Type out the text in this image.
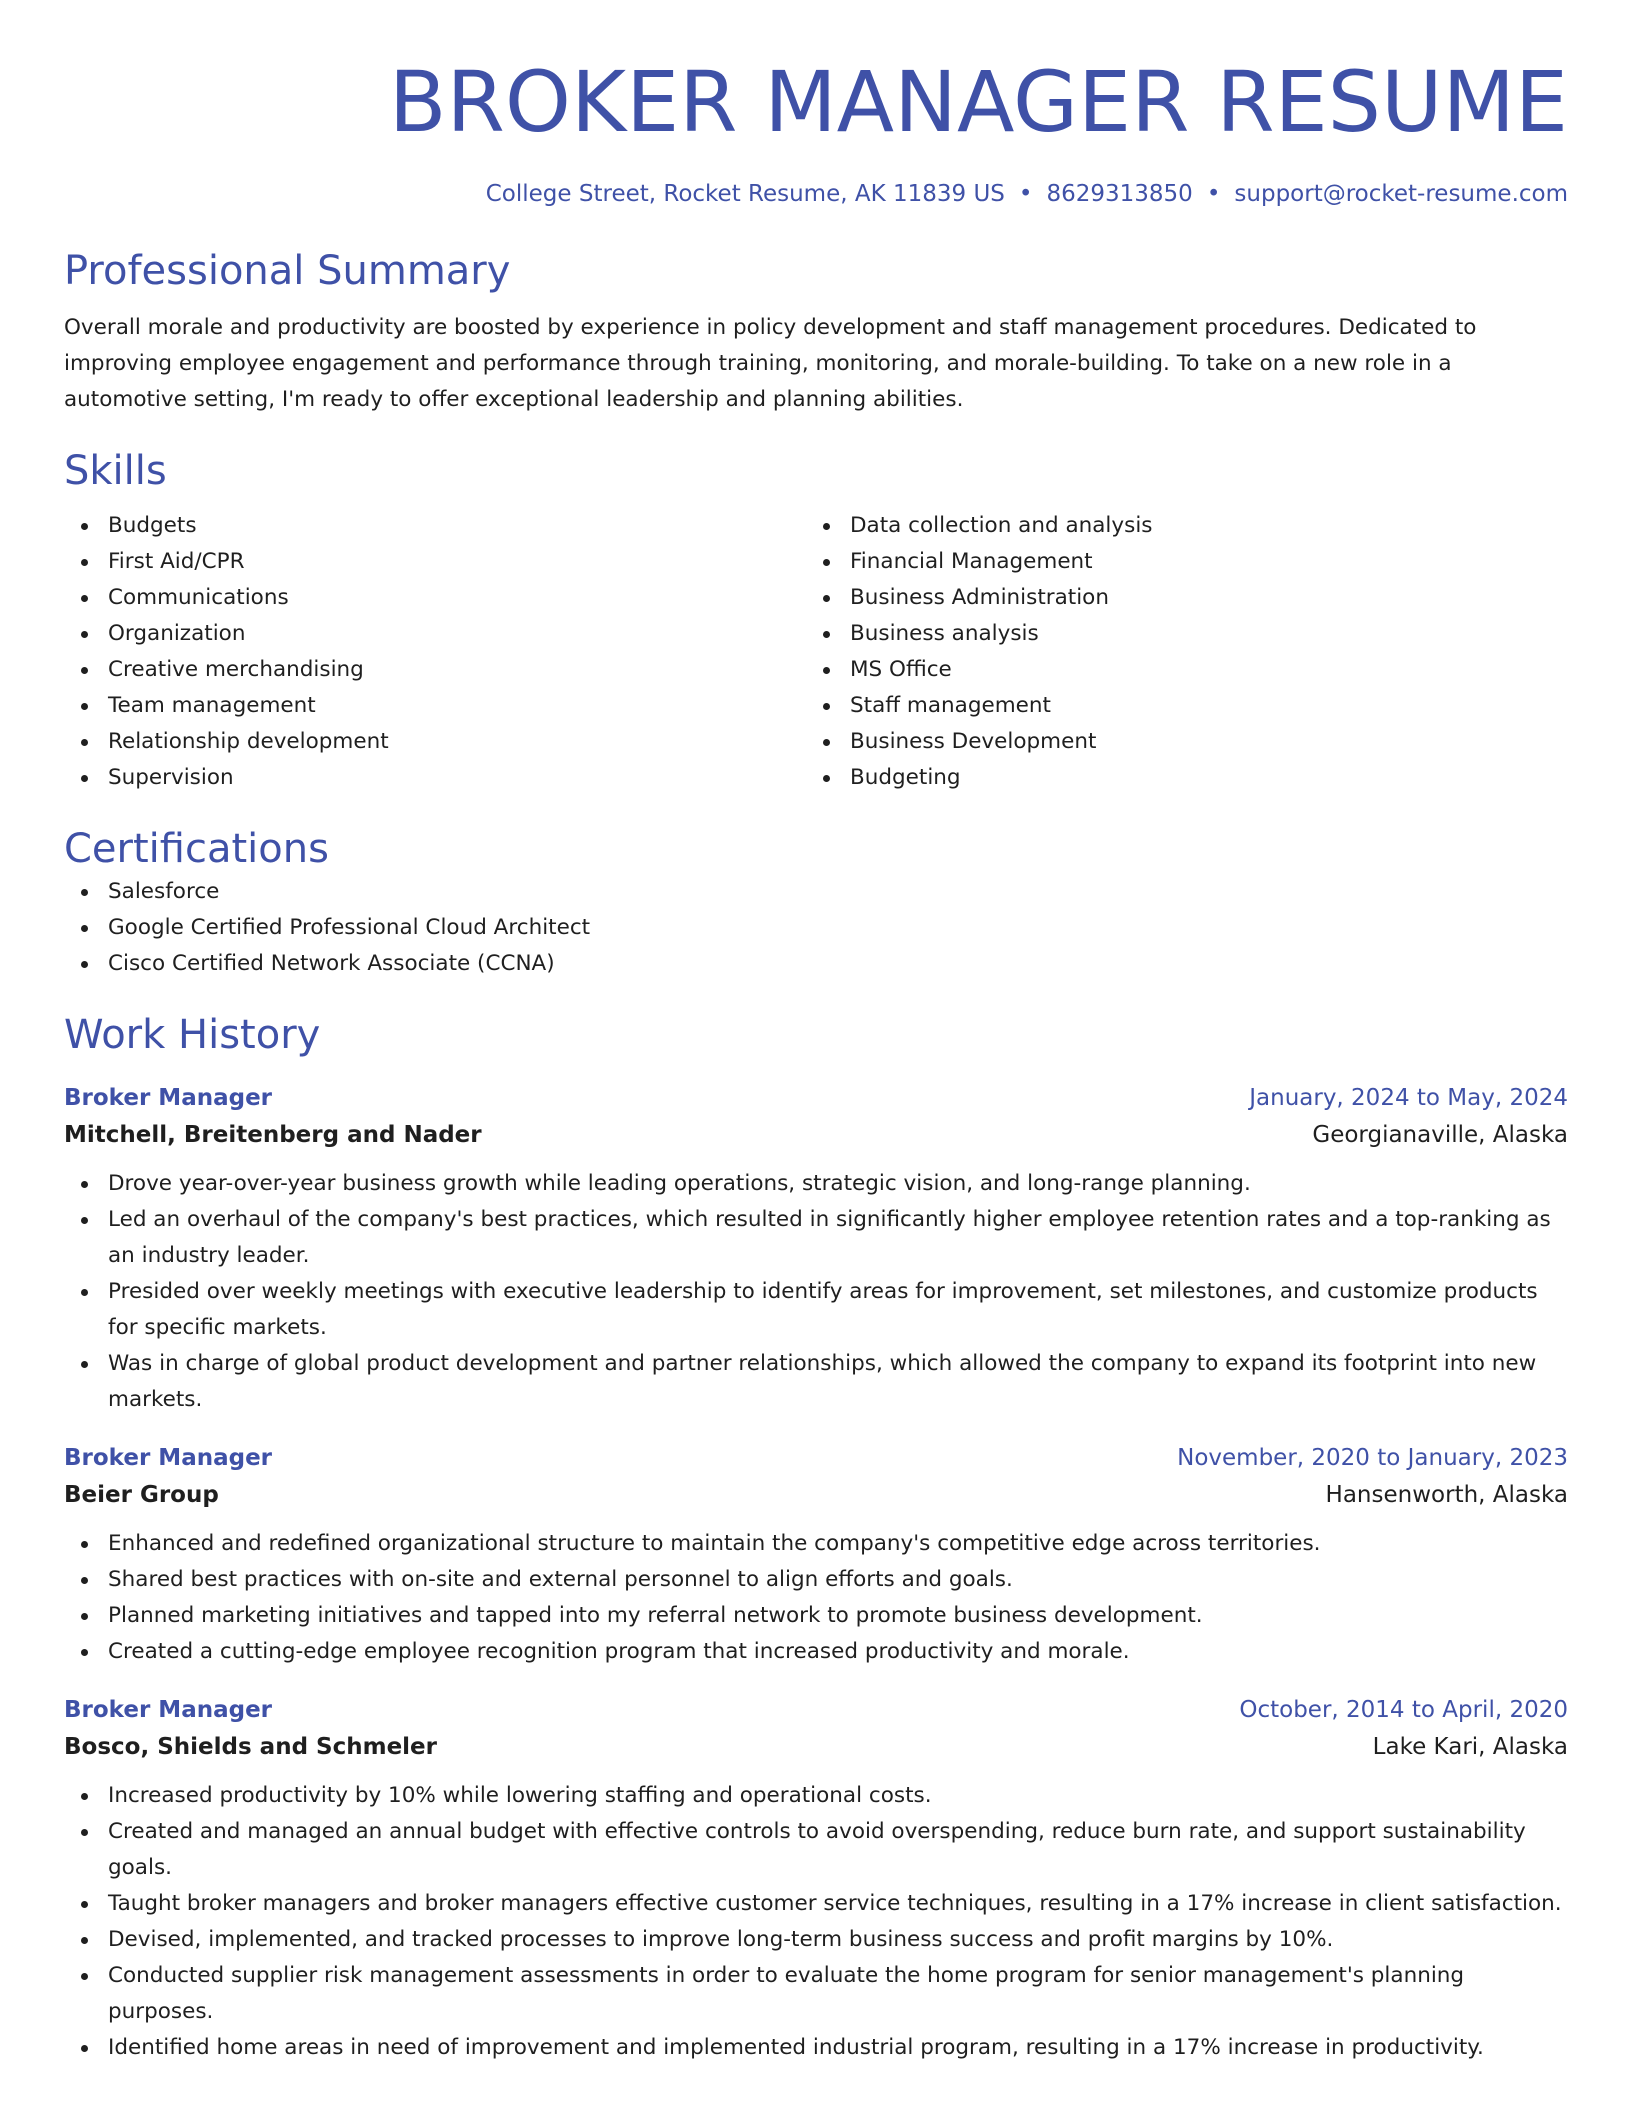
BROKER MANAGER RESUME
College Street, Rocket Resume, AK 11839 US • 8629313850 • support@rocket-resume.com
Professional Summary
Overall morale and productivity are boosted by experience in policy development and staff management procedures. Dedicated to improving employee engagement and performance through training, monitoring, and morale-building. To take on a new role in a automotive setting, I'm ready to offer exceptional leadership and planning abilities.
Skills
Budgets
First Aid/CPR
Communications
Organization
Creative merchandising
Team management
Relationship development
Supervision
Data collection and analysis
Financial Management
Business Administration
Business analysis
MS Office
Staff management
Business Development
Budgeting
Certifications
Salesforce
Google Certified Professional Cloud Architect
Cisco Certified Network Associate (CCNA)
Work History
Broker Manager	January, 2024 to May, 2024
Mitchell, Breitenberg and Nader	Georgianaville, Alaska
Drove year-over-year business growth while leading operations, strategic vision, and long-range planning.
Led an overhaul of the company's best practices, which resulted in significantly higher employee retention rates and a top-ranking as an industry leader.
Presided over weekly meetings with executive leadership to identify areas for improvement, set milestones, and customize products for specific markets.
Was in charge of global product development and partner relationships, which allowed the company to expand its footprint into new markets.
Broker Manager	November, 2020 to January, 2023
Beier Group	Hansenworth, Alaska
Enhanced and redefined organizational structure to maintain the company's competitive edge across territories.
Shared best practices with on-site and external personnel to align efforts and goals.
Planned marketing initiatives and tapped into my referral network to promote business development.
Created a cutting-edge employee recognition program that increased productivity and morale.
Broker Manager	October, 2014 to April, 2020
Bosco, Shields and Schmeler	Lake Kari, Alaska
Increased productivity by 10% while lowering staffing and operational costs.
Created and managed an annual budget with effective controls to avoid overspending, reduce burn rate, and support sustainability goals.
Taught broker managers and broker managers effective customer service techniques, resulting in a 17% increase in client satisfaction.
Devised, implemented, and tracked processes to improve long-term business success and profit margins by 10%.
Conducted supplier risk management assessments in order to evaluate the home program for senior management's planning purposes.
Identified home areas in need of improvement and implemented industrial program, resulting in a 17% increase in productivity.
